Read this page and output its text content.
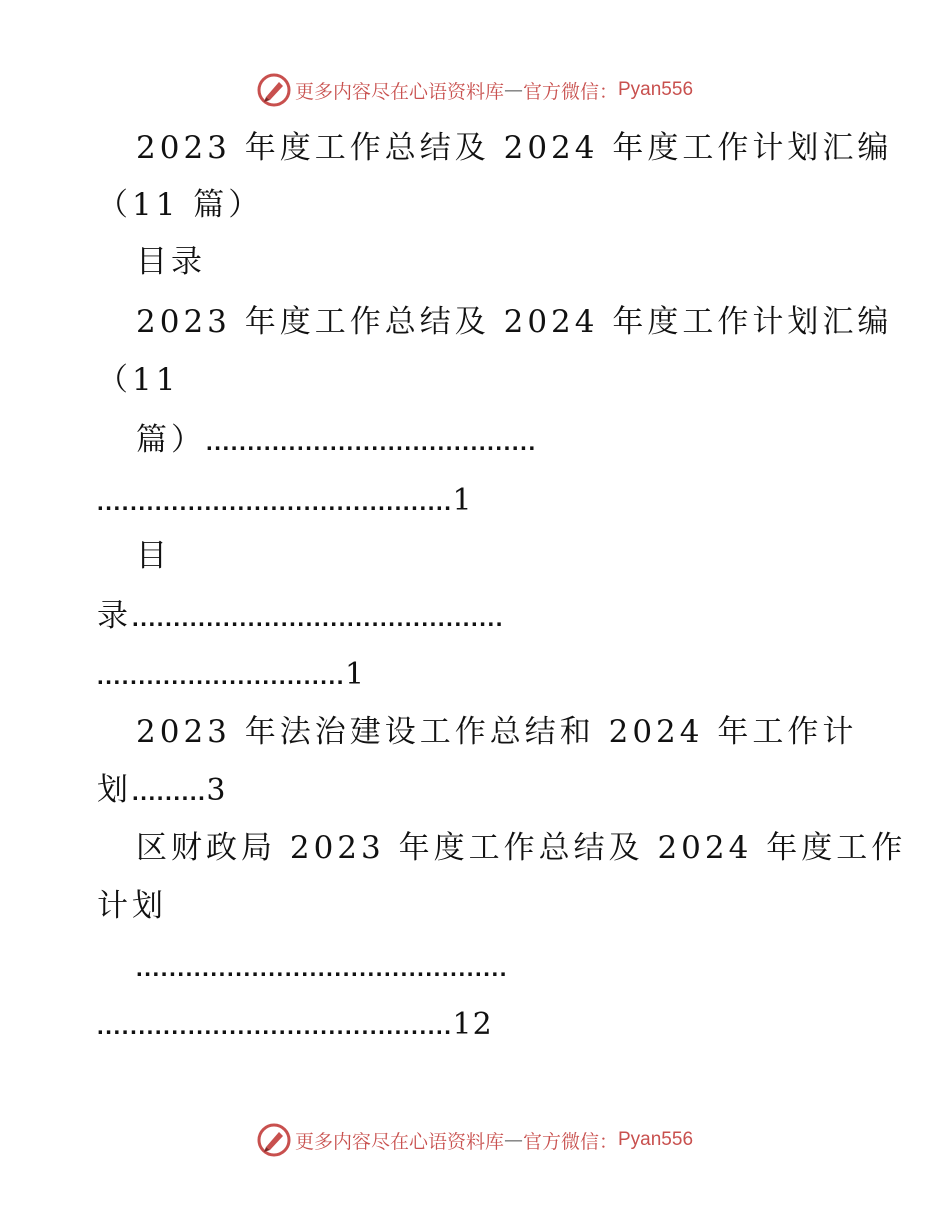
更多内容尽在心语资料库 — 官方微信： Pyan556
2023 年度工作总结及 2024 年度工作计划汇编
（11 篇）
目录
2023 年度工作总结及 2024 年度工作计划汇编
（11
篇）........................................
...........................................1
目
录.............................................
..............................1
2023 年法治建设工作总结和 2024 年工作计
划.........3
区财政局 2023 年度工作总结及 2024 年度工作
计划
.............................................
...........................................12
更多内容尽在心语资料库 — 官方微信： Pyan556
